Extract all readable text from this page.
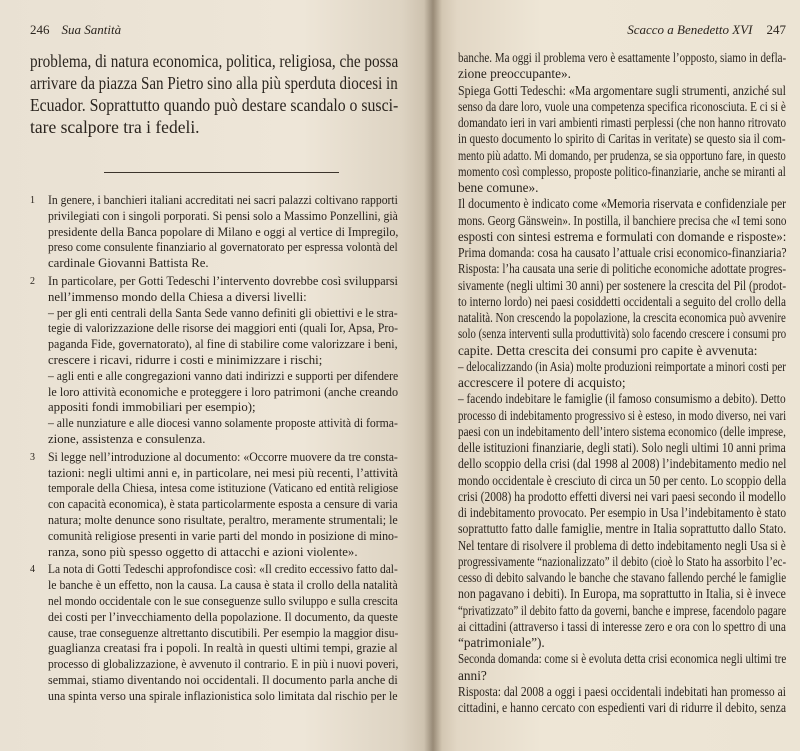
246 Sua Santità
problema, di natura economica, politica, religiosa, che possa
arrivare da piazza San Pietro sino alla più sperduta diocesi in
Ecuador. Soprattutto quando può destare scandalo o susci-
tare scalpore tra i fedeli.
1 In genere, i banchieri italiani accreditati nei sacri palazzi coltivano rapporti
privilegiati con i singoli porporati. Si pensi solo a Massimo Ponzellini, già
presidente della Banca popolare di Milano e oggi al vertice di Impregilo,
preso come consulente finanziario al governatorato per espressa volontà del
cardinale Giovanni Battista Re.
2 In particolare, per Gotti Tedeschi l’intervento dovrebbe così svilupparsi
nell’immenso mondo della Chiesa a diversi livelli:
– per gli enti centrali della Santa Sede vanno definiti gli obiettivi e le stra-
tegie di valorizzazione delle risorse dei maggiori enti (quali Ior, Apsa, Pro-
paganda Fide, governatorato), al fine di stabilire come valorizzare i beni,
crescere i ricavi, ridurre i costi e minimizzare i rischi;
– agli enti e alle congregazioni vanno dati indirizzi e supporti per difendere
le loro attività economiche e proteggere i loro patrimoni (anche creando
appositi fondi immobiliari per esempio);
– alle nunziature e alle diocesi vanno solamente proposte attività di forma-
zione, assistenza e consulenza.
3 Si legge nell’introduzione al documento: «Occorre muovere da tre consta-
tazioni: negli ultimi anni e, in particolare, nei mesi più recenti, l’attività
temporale della Chiesa, intesa come istituzione (Vaticano ed entità religiose
con capacità economica), è stata particolarmente esposta a censure di varia
natura; molte denunce sono risultate, peraltro, meramente strumentali; le
comunità religiose presenti in varie parti del mondo in posizione di mino-
ranza, sono più spesso oggetto di attacchi e azioni violente».
4 La nota di Gotti Tedeschi approfondisce così: «Il credito eccessivo fatto dal-
le banche è un effetto, non la causa. La causa è stata il crollo della natalità
nel mondo occidentale con le sue conseguenze sullo sviluppo e sulla crescita
dei costi per l’invecchiamento della popolazione. Il documento, da queste
cause, trae conseguenze altrettanto discutibili. Per esempio la maggior disu-
guaglianza creatasi fra i popoli. In realtà in questi ultimi tempi, grazie al
processo di globalizzazione, è avvenuto il contrario. E in più i nuovi poveri,
semmai, stiamo diventando noi occidentali. Il documento parla anche di
una spinta verso una spirale inflazionistica solo limitata dal rischio per le
Scacco a Benedetto XVI 247
banche. Ma oggi il problema vero è esattamente l’opposto, siamo in defla-
zione preoccupante».
Spiega Gotti Tedeschi: «Ma argomentare sugli strumenti, anziché sul
senso da dare loro, vuole una competenza specifica riconosciuta. E ci si è
domandato ieri in vari ambienti rimasti perplessi (che non hanno ritrovato
in questo documento lo spirito di Caritas in veritate) se questo sia il com-
mento più adatto. Mi domando, per prudenza, se sia opportuno fare, in questo
momento così complesso, proposte politico-finanziarie, anche se miranti al
bene comune».
Il documento è indicato come «Memoria riservata e confidenziale per
mons. Georg Gänswein». In postilla, il banchiere precisa che «I temi sono
esposti con sintesi estrema e formulati con domande e risposte»:
Prima domanda: cosa ha causato l’attuale crisi economico-finanziaria?
Risposta: l’ha causata una serie di politiche economiche adottate progres-
sivamente (negli ultimi 30 anni) per sostenere la crescita del Pil (prodot-
to interno lordo) nei paesi cosiddetti occidentali a seguito del crollo della
natalità. Non crescendo la popolazione, la crescita economica può avvenire
solo (senza interventi sulla produttività) solo facendo crescere i consumi pro
capite. Detta crescita dei consumi pro capite è avvenuta:
– delocalizzando (in Asia) molte produzioni reimportate a minori costi per
accrescere il potere di acquisto;
– facendo indebitare le famiglie (il famoso consumismo a debito). Detto
processo di indebitamento progressivo si è esteso, in modo diverso, nei vari
paesi con un indebitamento dell’intero sistema economico (delle imprese,
delle istituzioni finanziarie, degli stati). Solo negli ultimi 10 anni prima
dello scoppio della crisi (dal 1998 al 2008) l’indebitamento medio nel
mondo occidentale è cresciuto di circa un 50 per cento. Lo scoppio della
crisi (2008) ha prodotto effetti diversi nei vari paesi secondo il modello
di indebitamento provocato. Per esempio in Usa l’indebitamento è stato
soprattutto fatto dalle famiglie, mentre in Italia soprattutto dallo Stato.
Nel tentare di risolvere il problema di detto indebitamento negli Usa si è
progressivamente “nazionalizzato” il debito (cioè lo Stato ha assorbito l’ec-
cesso di debito salvando le banche che stavano fallendo perché le famiglie
non pagavano i debiti). In Europa, ma soprattutto in Italia, si è invece
“privatizzato” il debito fatto da governi, banche e imprese, facendolo pagare
ai cittadini (attraverso i tassi di interesse zero e ora con lo spettro di una
“patrimoniale”).
Seconda domanda: come si è evoluta detta crisi economica negli ultimi tre
anni?
Risposta: dal 2008 a oggi i paesi occidentali indebitati han promesso ai
cittadini, e hanno cercato con espedienti vari di ridurre il debito, senza
